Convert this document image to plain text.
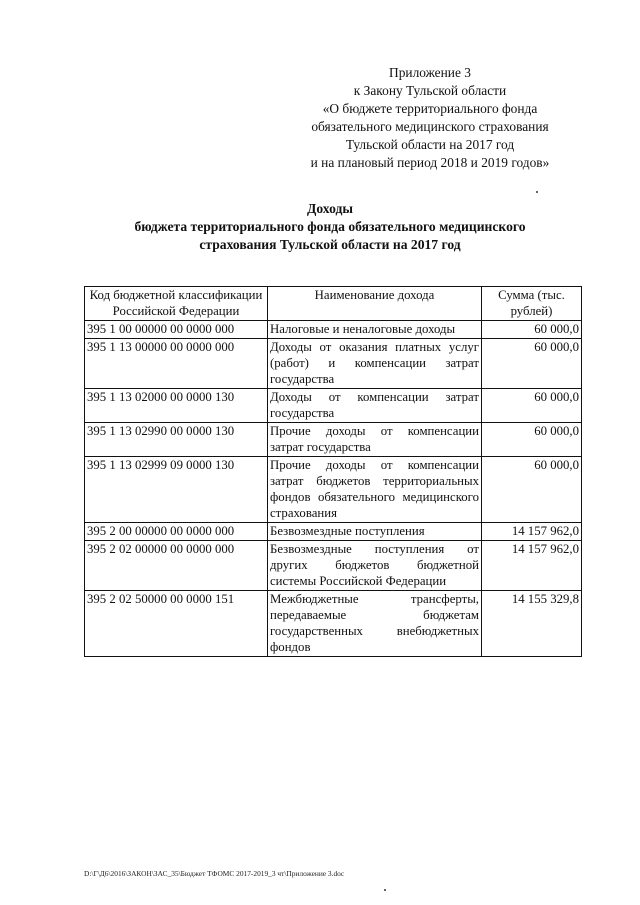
Приложение 3
к Закону Тульской области
«О бюджете территориального фонда
обязательного медицинского страхования
Тульской области на 2017 год
и на плановый период 2018 и 2019 годов»
Доходы
бюджета территориального фонда обязательного медицинского
страхования Тульской области на 2017 год
Код бюджетной классификации Российской Федерации	Наименование дохода	Сумма (тыс. рублей)
395 1 00 00000 00 0000 000	Налоговые и неналоговые доходы	60 000,0
395 1 13 00000 00 0000 000	Доходы от оказания платных услуг (работ) и компенсации затрат государства	60 000,0
395 1 13 02000 00 0000 130	Доходы от компенсации затрат государства	60 000,0
395 1 13 02990 00 0000 130	Прочие доходы от компенсации затрат государства	60 000,0
395 1 13 02999 09 0000 130	Прочие доходы от компенсации затрат бюджетов территориальных фондов обязательного медицинского страхования	60 000,0
395 2 00 00000 00 0000 000	Безвозмездные поступления	14 157 962,0
395 2 02 00000 00 0000 000	Безвозмездные поступления от других бюджетов бюджетной системы Российской Федерации	14 157 962,0
395 2 02 50000 00 0000 151	Межбюджетные трансферты, передаваемые бюджетам государственных внебюджетных фондов	14 155 329,8
D:\Г\Д6\2016\ЗАКОН\ЗАС_35\Бюджет ТФОМС 2017-2019_3 чт\Приложение 3.doc
